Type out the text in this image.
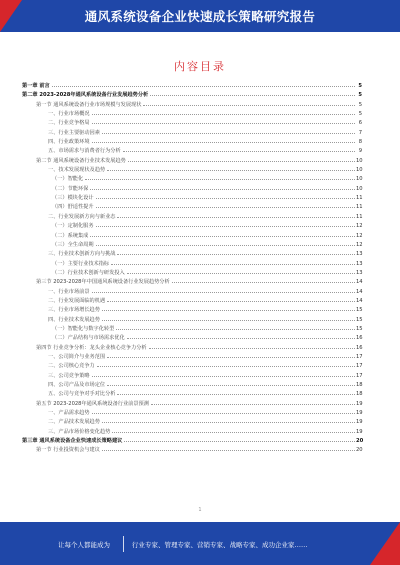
通风系统设备企业快速成长策略研究报告
内容目录
第一章 前言	5
第二章 2023-2028年通风系统设备行业发展趋势分析	5
第一节 通风系统设备行业市场规模与发展现状	5
一、行业市场概况	5
二、行业竞争格局	6
三、行业主要驱动因素	7
四、行业政策环境	8
五、市场需求与消费者行为分析	9
第二节 通风系统设备行业技术发展趋势	10
一、技术发展现状及趋势	10
（一）智能化	10
（二）节能环保	10
（三）模块化设计	11
（四）舒适性提升	11
二、行业发展新方向与新业态	11
（一）定制化服务	12
（二）系统集成	12
（三）全生命周期	12
三、行业技术创新方向与挑战	13
（一）主要行业技术指标	13
（二）行业技术创新与研发投入	13
第三节 2023-2028年中国通风系统设备行业发展趋势分析	14
一、行业市场前景	14
二、行业发展面临的机遇	14
三、行业市场增长趋势	15
四、行业技术发展趋势	15
（一）智能化与数字化转型	15
（二）产品结构与市场需求优化	16
第四节 行业竞争分析：龙头企业核心竞争力分析	16
一、公司简介与业务范围	17
二、公司核心竞争力	17
三、公司竞争策略	17
四、公司产品及市场定位	18
五、公司与竞争对手对比分析	18
第五节 2023-2028年通风系统设备行业前景预测	19
一、产品需求趋势	19
二、产品技术发展趋势	19
三、产品市场价格变化趋势	19
第三章 通风系统设备企业快速成长策略建议	20
第一节 行业投资机会与建议	20
1
让每个人都能成为	行业专家、管理专家、营销专家、战略专家、成功企业家……
